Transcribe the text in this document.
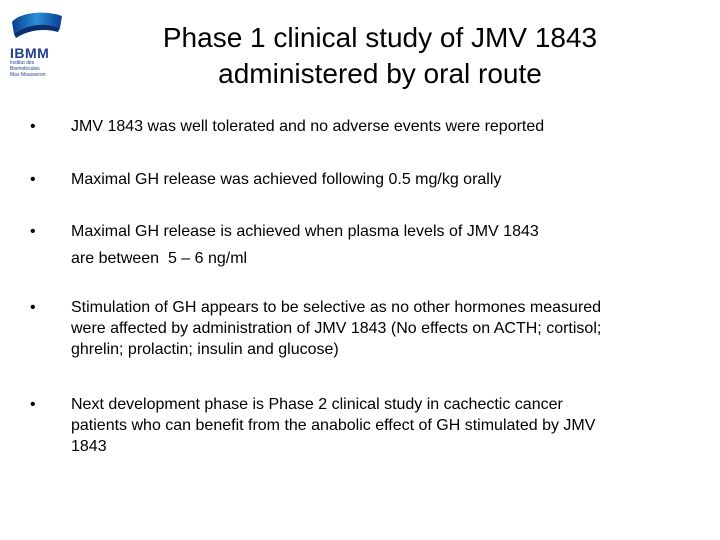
IBMM
Institut des
Biomolécules
Max Mousseron
Phase 1 clinical study of JMV 1843
administered by oral route
• JMV 1843 was well tolerated and no adverse events were reported
• Maximal GH release was achieved following 0.5 mg/kg orally
• Maximal GH release is achieved when plasma levels of JMV 1843
are between  5 – 6 ng/ml
• Stimulation of GH appears to be selective as no other hormones measured
were affected by administration of JMV 1843 (No effects on ACTH; cortisol;
ghrelin; prolactin; insulin and glucose)
• Next development phase is Phase 2 clinical study in cachectic cancer
patients who can benefit from the anabolic effect of GH stimulated by JMV
1843
